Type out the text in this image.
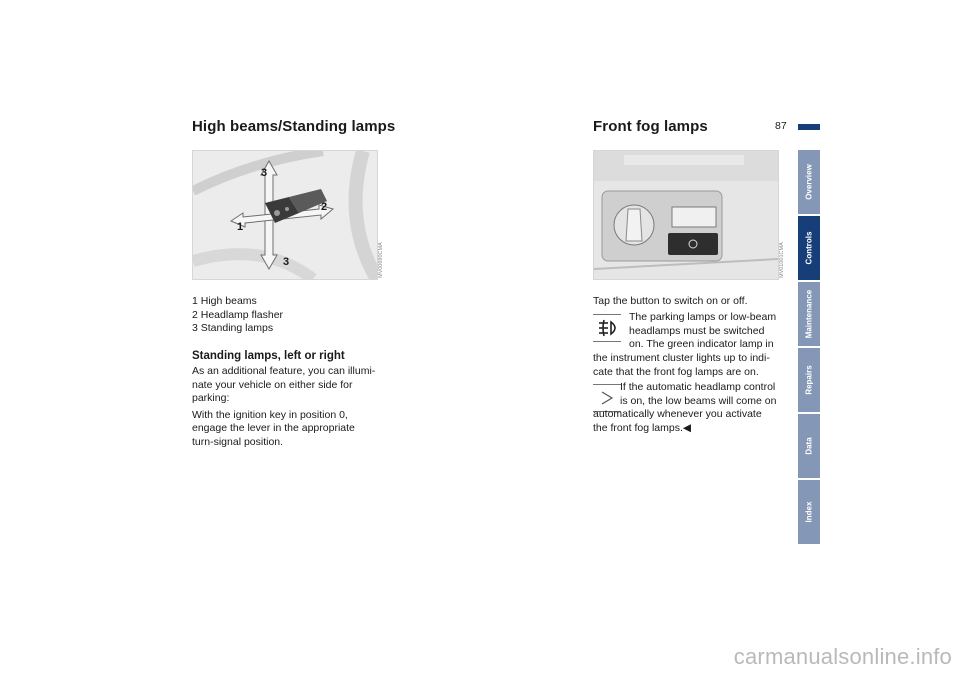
High beams/Standing lamps
3
1
2
3	MV00690CMA
1 High beams
2 Headlamp flasher
3 Standing lamps
Standing lamps, left or right
As an additional feature, you can illumi-
nate your vehicle on either side for
parking:
With the ignition key in position 0,
engage the lever in the appropriate
turn-signal position.
Front fog lamps	87
MV01001CMA
Tap the button to switch on or off.
The parking lamps or low-beam
headlamps must be switched
on. The green indicator lamp in
the instrument cluster lights up to indi-
cate that the front fog lamps are on.
If the automatic headlamp control
is on, the low beams will come on
automatically whenever you activate
the front fog lamps.◀
Overview
Controls
Maintenance
Repairs
Data
Index
carmanualsonline.info
